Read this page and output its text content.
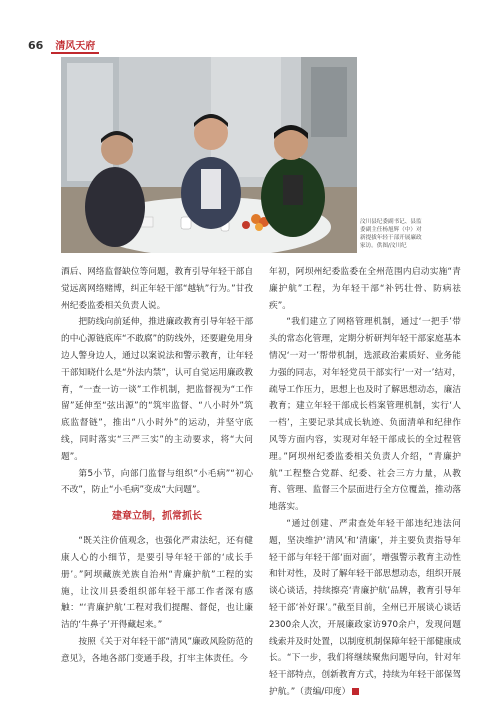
66	清风天府
汶川县纪委副书记、县监
委副主任杨旭辉（中）对
新提拔年轻干部开展廉政
家访。供图/汶川纪

酒后、网络监督缺位等问题，教育引导年轻干部自觉远离网络赌博，纠正年轻干部“越轨”行为。”甘孜州纪委监委相关负责人说。

把防线向前延伸，推进廉政教育引导年轻干部的中心源链底库“不敢腐”的防线外，还要避免用身边人警身边人，通过以案说法和警示教育，让年轻干部知晓什么是“外法内禁”，认可自觉运用廉政教育，“一查一访一谈”工作机制，把监督视为“工作留”延伸至“弦出源”的“筑牢监督、“八小时外”筑底监督链”，推出“八小时外”的运动，并坚守底线，同时落实“三严三实”的主动要求，将“大问题”。

第5小节，向部门监督与组织“小毛病”“初心不改”，防止“小毛病”变成“大问题”。

建章立制，抓常抓长

“既关注价值观念，也强化严肃法纪，还有健康人心的小细节，是要引导年轻干部的‘成长手册’。”阿坝藏族羌族自治州“青廉护航”工程的实施，让汶川县委组织部年轻干部工作者深有感触：“‘青廉护航’工程对我们提醒、督促，也让廉洁的‘牛鼻子’开得藏起来。”

按照《关于对年轻干部“清风”廉政风险防范的意见》，各地各部门变通手段，打牢主体责任。今

年初，阿坝州纪委监委在全州范围内启动实施“青廉护航”工程，为年轻干部“补钙壮骨、防病祛疾”。

“我们建立了网格管理机制，通过‘一把手’带头的常态化管理，定期分析研判年轻干部家庭基本情况‘一对一’帮带机制，选派政治素质好、业务能力强的同志，对年轻党员干部实行‘一对一’结对，疏导工作压力，思想上也及时了解思想动态，廉洁教育；建立年轻干部成长档案管理机制，实行‘人一档’，主要记录其成长轨迹、负面清单和纪律作风等方面内容，实现对年轻干部成长的全过程管理。”阿坝州纪委监委相关负责人介绍，“青廉护航”工程整合党群、纪委、社会三方力量，从教育、管理、监督三个层面进行全方位覆盖，推动落地落实。

“通过创建、严肃查处年轻干部违纪违法问题，坚决维护‘清风’和‘清廉’，并主要负责指导年轻干部与年轻干部‘面对面’，增强警示教育主动性和针对性，及时了解年轻干部思想动态，组织开展谈心谈话，持续擦亮‘青廉护航’品牌，教育引导年轻干部‘补好课’。”截至目前，全州已开展谈心谈话2300余人次，开展廉政家访970余户，发现问题线索并及时处置，以制度机制保障年轻干部健康成长。“下一步，我们将继续聚焦问题导向，针对年轻干部特点，创新教育方式，持续为年轻干部保驾护航。”（责编/印度）
